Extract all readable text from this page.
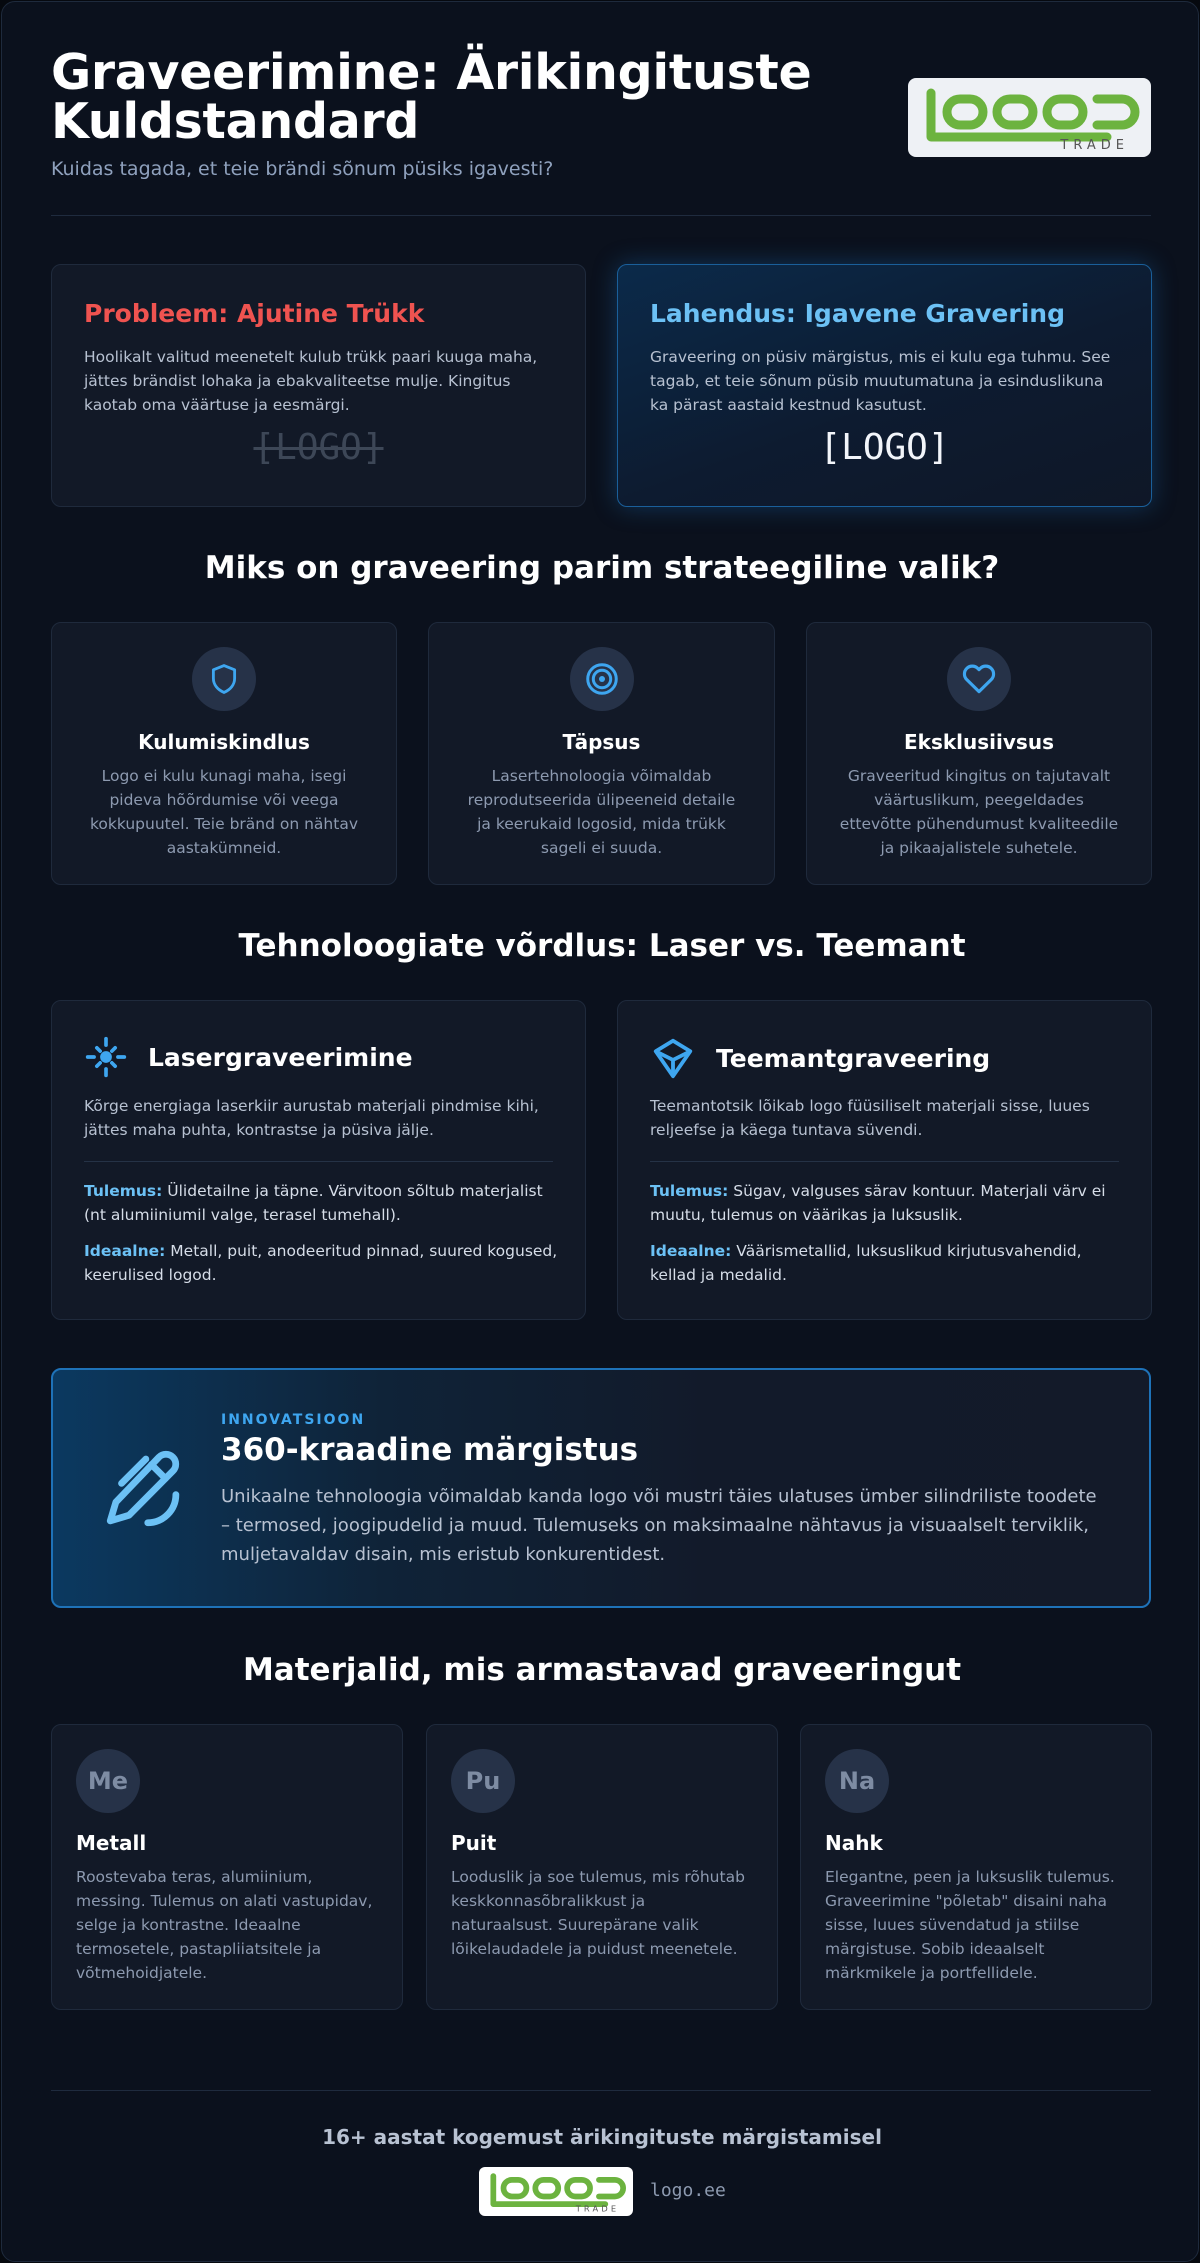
Graveerimine: Ärikingituste Kuldstandard
Kuidas tagada, et teie brändi sõnum püsiks igavesti?
TRADE
Probleem: Ajutine Trükk
Hoolikalt valitud meenetelt kulub trükk paari kuuga maha, jättes brändist lohaka ja ebakvaliteetse mulje. Kingitus kaotab oma väärtuse ja eesmärgi.
[LOGO]
Lahendus: Igavene Gravering
Graveering on püsiv märgistus, mis ei kulu ega tuhmu. See tagab, et teie sõnum püsib muutumatuna ja esinduslikuna ka pärast aastaid kestnud kasutust.
[LOGO]
Miks on graveering parim strateegiline valik?
Kulumiskindlus
Logo ei kulu kunagi maha, isegi pideva hõõrdumise või veega kokkupuutel. Teie bränd on nähtav aastakümneid.
Täpsus
Lasertehnoloogia võimaldab reprodutseerida ülipeeneid detaile ja keerukaid logosid, mida trükk sageli ei suuda.
Eksklusiivsus
Graveeritud kingitus on tajutavalt väärtuslikum, peegeldades ettevõtte pühendumust kvaliteedile ja pikaajalistele suhetele.
Tehnoloogiate võrdlus: Laser vs. Teemant
Lasergraveerimine
Kõrge energiaga laserkiir aurustab materjali pindmise kihi, jättes maha puhta, kontrastse ja püsiva jälje.
Tulemus: Ülidetailne ja täpne. Värvitoon sõltub materjalist (nt alumiiniumil valge, terasel tumehall).
Ideaalne: Metall, puit, anodeeritud pinnad, suured kogused, keerulised logod.
Teemantgraveering
Teemantotsik lõikab logo füüsiliselt materjali sisse, luues reljeefse ja käega tuntava süvendi.
Tulemus: Sügav, valguses särav kontuur. Materjali värv ei muutu, tulemus on väärikas ja luksuslik.
Ideaalne: Väärismetallid, luksuslikud kirjutusvahendid, kellad ja medalid.
INNOVATSIOON
360-kraadine märgistus
Unikaalne tehnoloogia võimaldab kanda logo või mustri täies ulatuses ümber silindriliste toodete – termosed, joogipudelid ja muud. Tulemuseks on maksimaalne nähtavus ja visuaalselt terviklik, muljetavaldav disain, mis eristub konkurentidest.
Materjalid, mis armastavad graveeringut
Me
Metall
Roostevaba teras, alumiinium, messing. Tulemus on alati vastupidav, selge ja kontrastne. Ideaalne termosetele, pastapliiatsitele ja võtmehoidjatele.
Pu
Puit
Looduslik ja soe tulemus, mis rõhutab keskkonnasõbralikkust ja naturaalsust. Suurepärane valik lõikelaudadele ja puidust meenetele.
Na
Nahk
Elegantne, peen ja luksuslik tulemus. Graveerimine "põletab" disaini naha sisse, luues süvendatud ja stiilse märgistuse. Sobib ideaalselt märkmikele ja portfellidele.
16+ aastat kogemust ärikingituste märgistamisel
TRADE
logo.ee
